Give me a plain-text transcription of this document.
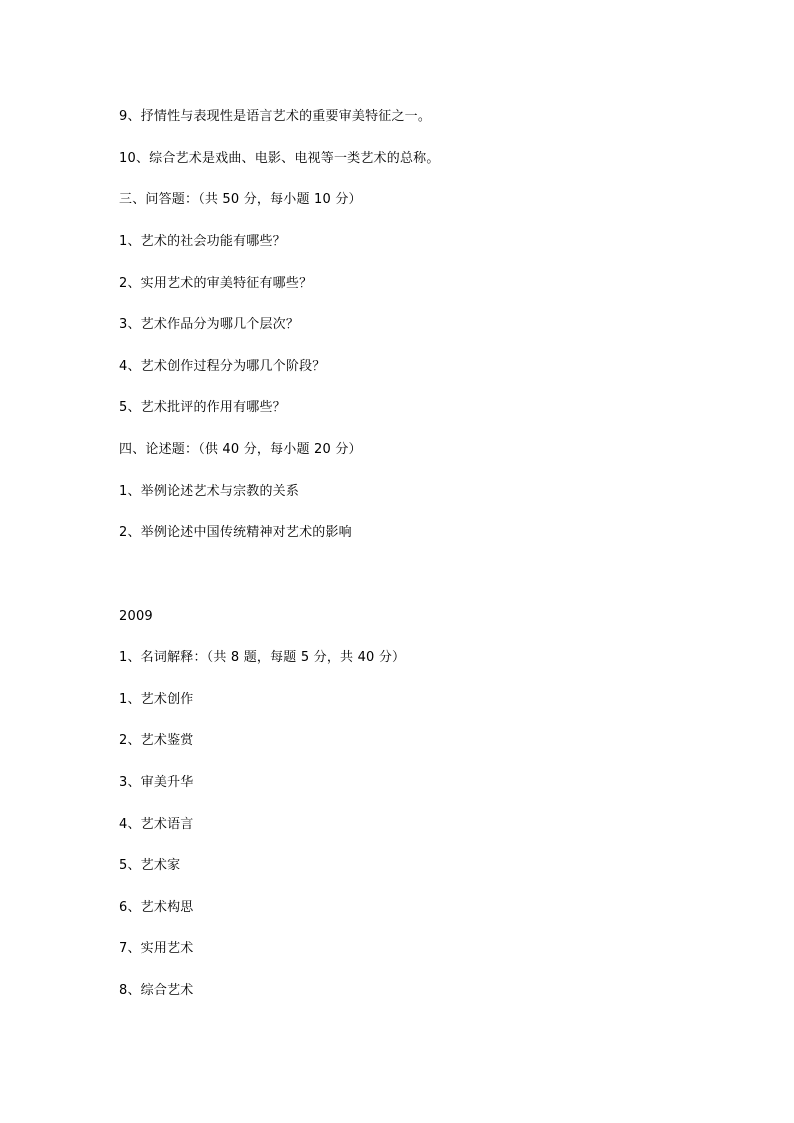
9、抒情性与表现性是语言艺术的重要审美特征之一。
10、综合艺术是戏曲、电影、电视等一类艺术的总称。
三、问答题：（共 50 分，每小题 10 分）
1、艺术的社会功能有哪些？
2、实用艺术的审美特征有哪些？
3、艺术作品分为哪几个层次？
4、艺术创作过程分为哪几个阶段？
5、艺术批评的作用有哪些？
四、论述题：（供 40 分，每小题 20 分）
1、举例论述艺术与宗教的关系
2、举例论述中国传统精神对艺术的影响
2009
1、名词解释：（共 8 题，每题 5 分，共 40 分）
1、艺术创作
2、艺术鉴赏
3、审美升华
4、艺术语言
5、艺术家
6、艺术构思
7、实用艺术
8、综合艺术
